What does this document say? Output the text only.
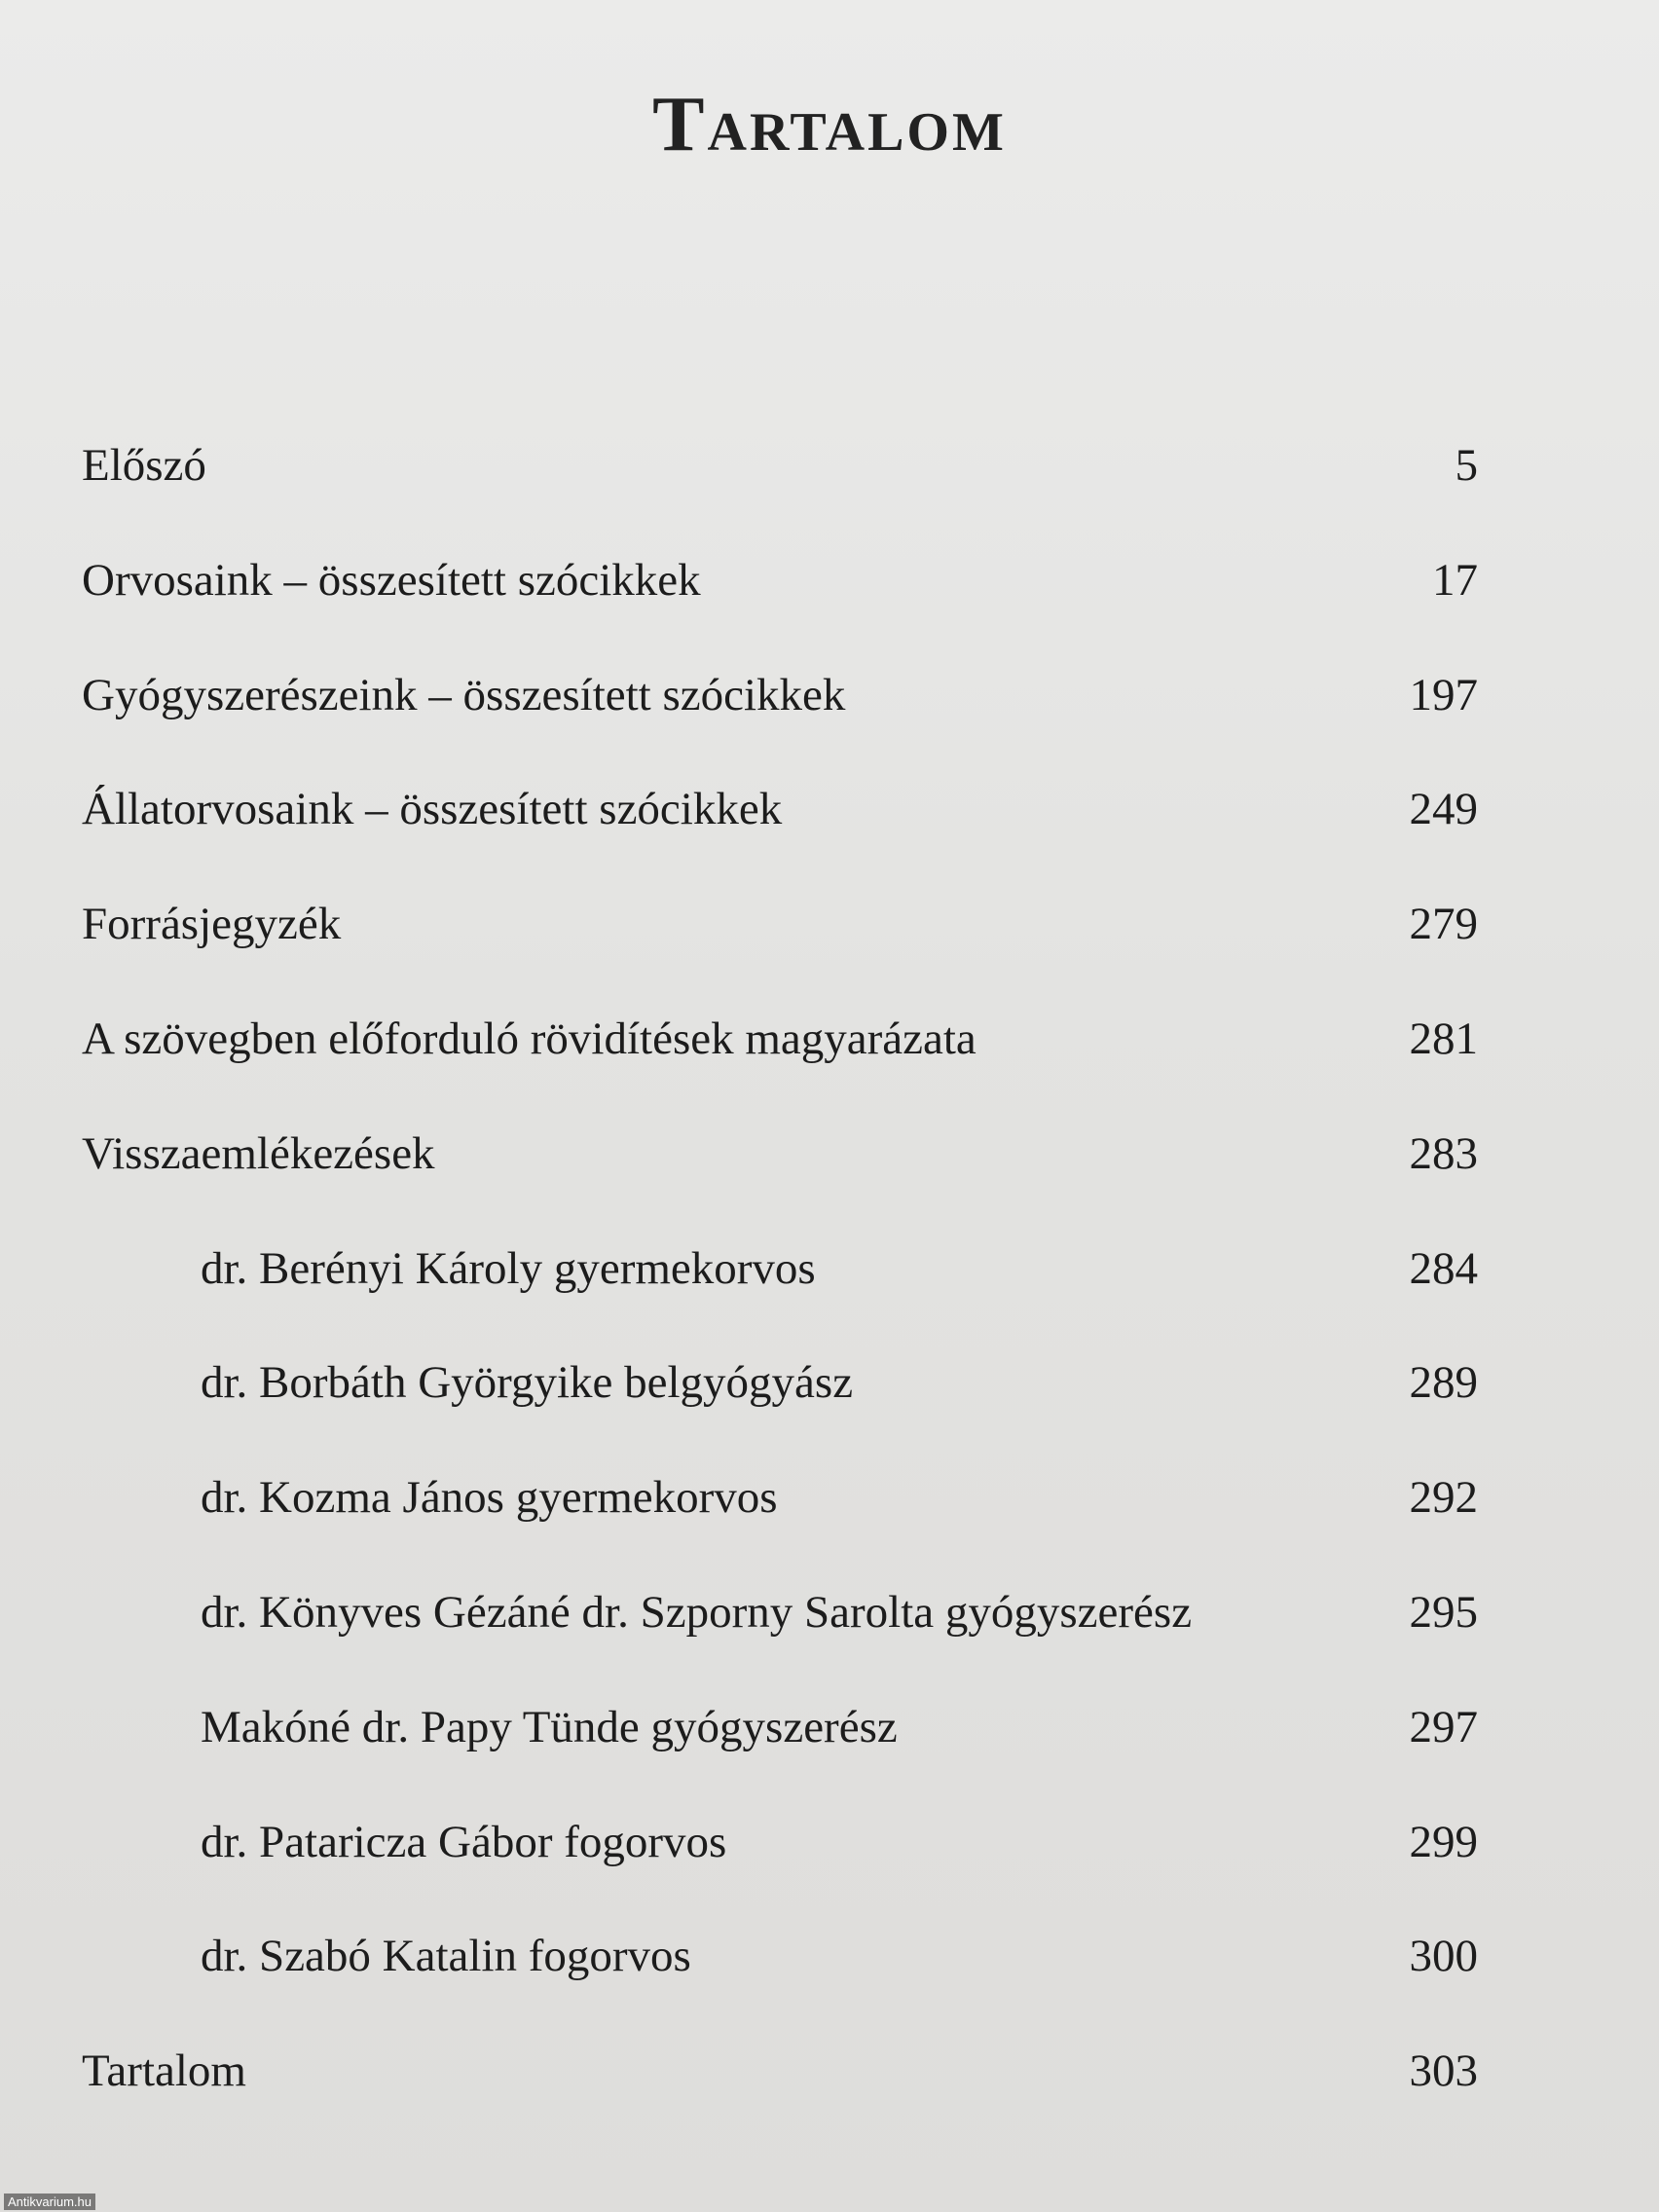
Tartalom
Előszó	5
Orvosaink – összesített szócikkek	17
Gyógyszerészeink – összesített szócikkek	197
Állatorvosaink – összesített szócikkek	249
Forrásjegyzék	279
A szövegben előforduló rövidítések magyarázata	281
Visszaemlékezések	283
dr. Berényi Károly gyermekorvos	284
dr. Borbáth Györgyike belgyógyász	289
dr. Kozma János gyermekorvos	292
dr. Könyves Gézáné dr. Szporny Sarolta gyógyszerész	295
Makóné dr. Papy Tünde gyógyszerész	297
dr. Pataricza Gábor fogorvos	299
dr. Szabó Katalin fogorvos	300
Tartalom	303
Antikvarium.hu
